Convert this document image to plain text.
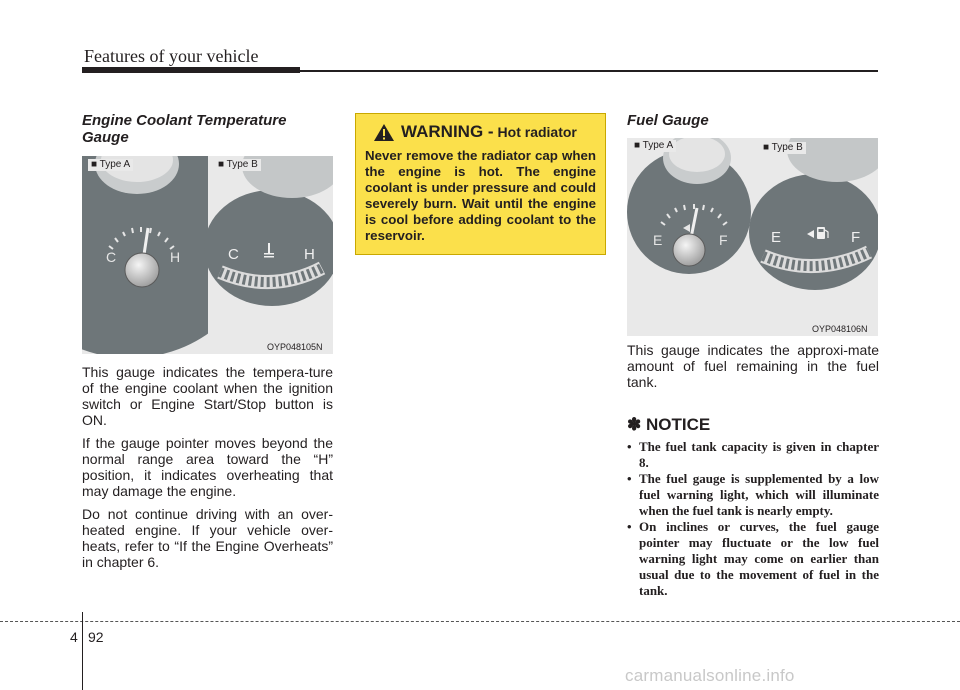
Features of your vehicle
Engine Coolant Temperature
Gauge
C	H	C	H
■ Type A	■ Type B
OYP048105N

This gauge indicates the tempera-ture of the engine coolant when the ignition switch or Engine Start/Stop button is ON.

If the gauge pointer moves beyond the normal range area toward the “H” position, it indicates overheating that may damage the engine.

Do not continue driving with an over-heated engine. If your vehicle over-heats, refer to “If the Engine Overheats” in chapter 6.

WARNING - Hot radiator
Never remove the radiator cap when the engine is hot. The engine coolant is under pressure and could severely burn. Wait until the engine is cool before adding coolant to the reservoir.
Fuel Gauge
E	F	E	F
■ Type A	■ Type B
OYP048106N

This gauge indicates the approxi-mate amount of fuel remaining in the fuel tank.

✽ NOTICE
• The fuel tank capacity is given in chapter 8.
• The fuel gauge is supplemented by a low fuel warning light, which will illuminate when the fuel tank is nearly empty.
• On inclines or curves, the fuel gauge pointer may fluctuate or the low fuel warning light may come on earlier than usual due to the movement of fuel in the tank.
4 92
carmanualsonline.info
